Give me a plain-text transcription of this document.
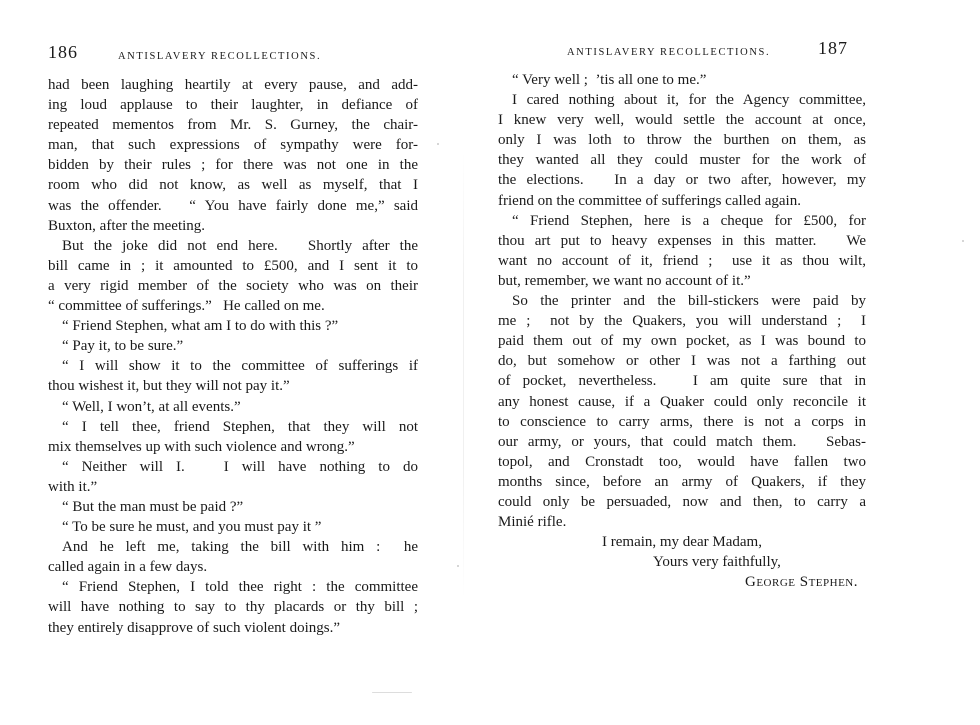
186	ANTISLAVERY RECOLLECTIONS.
had been laughing heartily at every pause, and add-
ing loud applause to their laughter, in defiance of
repeated mementos from Mr. S. Gurney, the chair-
man, that such expressions of sympathy were for-
bidden by their rules ; for there was not one in the
room who did not know, as well as myself, that I
was the offender.   “ You have fairly done me,” said
Buxton, after the meeting.
But the joke did not end here.   Shortly after the
bill came in ; it amounted to £500, and I sent it to
a very rigid member of the society who was on their
“ committee of sufferings.”   He called on me.
“ Friend Stephen, what am I to do with this ?”
“ Pay it, to be sure.”
“ I will show it to the committee of sufferings if
thou wishest it, but they will not pay it.”
“ Well, I won’t, at all events.”
“ I tell thee, friend Stephen, that they will not
mix themselves up with such violence and wrong.”
“ Neither will I.   I will have nothing to do
with it.”
“ But the man must be paid ?”
“ To be sure he must, and you must pay it ”
And he left me, taking the bill with him :  he
called again in a few days.
“ Friend Stephen, I told thee right : the committee
will have nothing to say to thy placards or thy bill ;
they entirely disapprove of such violent doings.”
ANTISLAVERY RECOLLECTIONS.	187
“ Very well ;  ’tis all one to me.”
I cared nothing about it, for the Agency committee,
I knew very well, would settle the account at once,
only I was loth to throw the burthen on them, as
they wanted all they could muster for the work of
the elections.   In a day or two after, however, my
friend on the committee of sufferings called again.
“ Friend Stephen, here is a cheque for £500, for
thou art put to heavy expenses in this matter.   We
want no account of it, friend ;  use it as thou wilt,
but, remember, we want no account of it.”
So the printer and the bill-stickers were paid by
me ;  not by the Quakers, you will understand ;  I
paid them out of my own pocket, as I was bound to
do, but somehow or other I was not a farthing out
of pocket, nevertheless.   I am quite sure that in
any honest cause, if a Quaker could only reconcile it
to conscience to carry arms, there is not a corps in
our army, or yours, that could match them.   Sebas-
topol, and Cronstadt too, would have fallen two
months since, before an army of Quakers, if they
could only be persuaded, now and then, to carry a
Minié rifle.
I remain, my dear Madam,
Yours very faithfully,
George Stephen.
